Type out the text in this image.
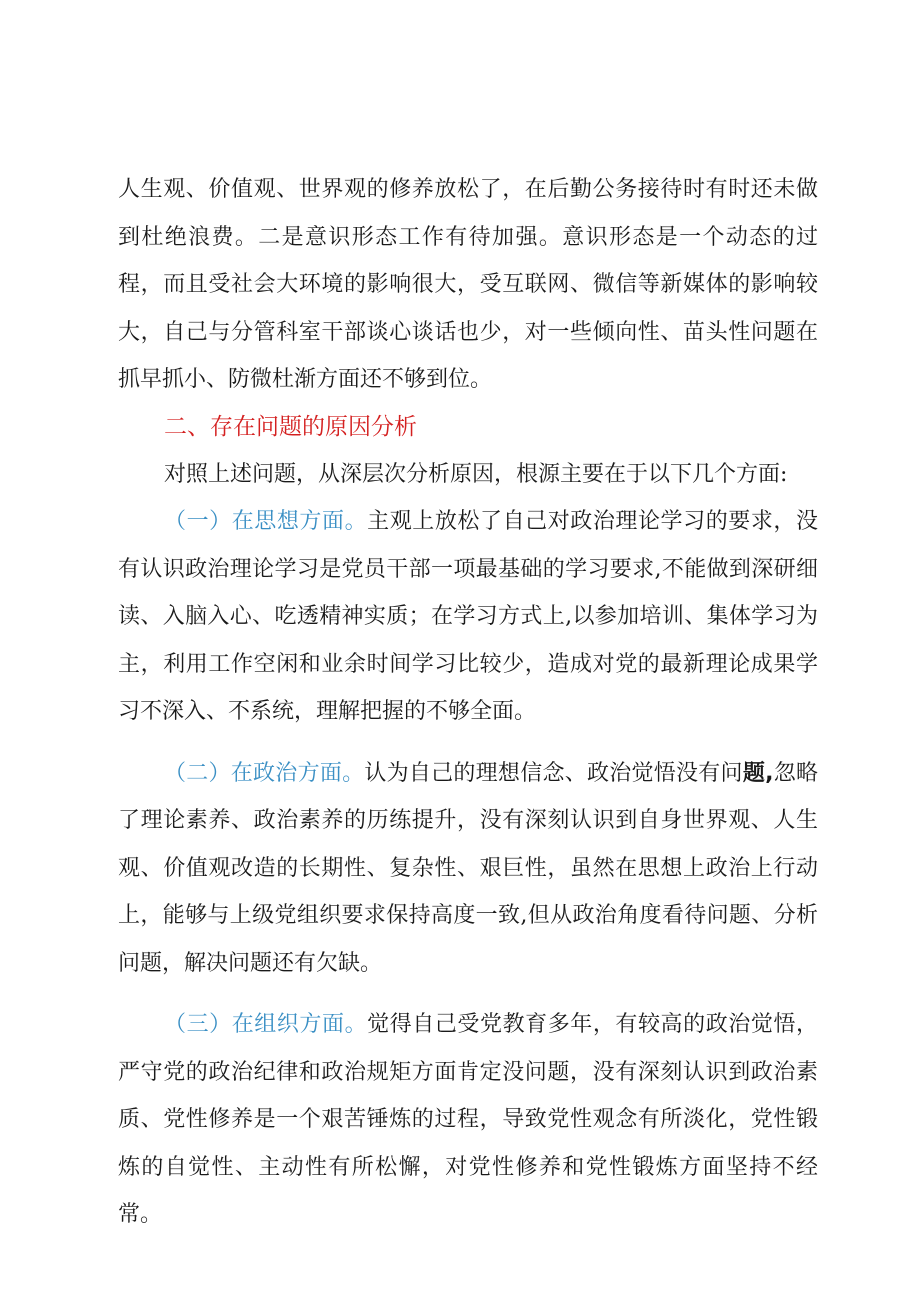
人生观、价值观、世界观的修养放松了，在后勤公务接待时有时还未做到杜绝浪费。二是意识形态工作有待加强。意识形态是一个动态的过程，而且受社会大环境的影响很大，受互联网、微信等新媒体的影响较大，自己与分管科室干部谈心谈话也少，对一些倾向性、苗头性问题在抓早抓小、防微杜渐方面还不够到位。

二、存在问题的原因分析

对照上述问题，从深层次分析原因，根源主要在于以下几个方面:

（一）在思想方面。主观上放松了自己对政治理论学习的要求，没有认识政治理论学习是党员干部一项最基础的学习要求,不能做到深研细读、入脑入心、吃透精神实质；在学习方式上,以参加培训、集体学习为主，利用工作空闲和业余时间学习比较少，造成对党的最新理论成果学习不深入、不系统，理解把握的不够全面。

（二）在政治方面。认为自己的理想信念、政治觉悟没有问题,忽略了理论素养、政治素养的历练提升，没有深刻认识到自身世界观、人生观、价值观改造的长期性、复杂性、艰巨性，虽然在思想上政治上行动上，能够与上级党组织要求保持高度一致,但从政治角度看待问题、分析问题，解决问题还有欠缺。

（三）在组织方面。觉得自己受党教育多年，有较高的政治觉悟，严守党的政治纪律和政治规矩方面肯定没问题，没有深刻认识到政治素质、党性修养是一个艰苦锤炼的过程，导致党性观念有所淡化，党性锻炼的自觉性、主动性有所松懈，对党性修养和党性锻炼方面坚持不经常。
